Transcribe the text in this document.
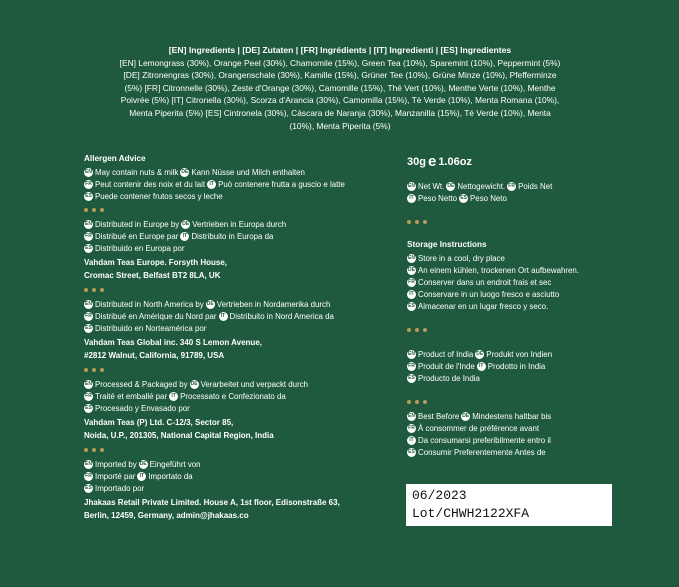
[EN] Ingredients | [DE] Zutaten | [FR] Ingrédients | [IT] Ingredienti | [ES] Ingredientes
[EN] Lemongrass (30%), Orange Peel (30%), Chamomile (15%), Green Tea (10%), Sparemint (10%), Peppermint (5%)
[DE] Zitronengras (30%), Orangenschale (30%), Kamille (15%), Grüner Tee (10%), Grüne Minze (10%), Pfefferminze
(5%) [FR] Citronnelle (30%), Zeste d'Orange (30%), Camomille (15%), Thé Vert (10%), Menthe Verte (10%), Menthe
Poivrée (5%) [IT] Citronella (30%), Scorza d'Arancia (30%), Camomilla (15%), Tè Verde (10%), Menta Romana (10%),
Menta Piperita (5%) [ES] Cintronela (30%), Cáscara de Naranja (30%), Manzanilla (15%), Té Verde (10%), Menta
(10%), Menta Piperita (5%)
Allergen Advice
EN May contain nuts & milk DE Kann Nüsse und Milch enthalten
FR Peut contenir des noix et du lait IT Può contenere frutta a guscio e latte
ES Puede contener frutos secos y leche
EN Distributed in Europe by DE Vertrieben in Europa durch
FR Distribué en Europe par IT Distribuito in Europa da
ES Distribuido en Europa por
Vahdam Teas Europe. Forsyth House,
Cromac Street, Belfast BT2 8LA, UK
EN Distributed in North America by DE Vertrieben in Nordamerika durch
FR Distribué en Amérique du Nord par IT Distribuito in Nord America da
ES Distribuido en Norteamérica por
Vahdam Teas Global inc. 340 S Lemon Avenue,
#2812 Walnut, California, 91789, USA
EN Processed & Packaged by DE Verarbeitet und verpackt durch
FR Traité et emballé par IT Processato e Confezionato da
ES Procesado y Envasado por
Vahdam Teas (P) Ltd. C-12/3, Sector 85,
Noida, U.P., 201305, National Capital Region, India
EN Imported by DE Eingeführt von
FR Importé par IT Importato da
ES Importado por
Jhakaas Retail Private Limited. House A, 1st floor, Edisonstraße 63,
Berlin, 12459, Germany, admin@jhakaas.co
30g e 1.06oz
EN Net Wt. DE Nettogewicht. FR Poids Net
IT Peso Netto ES Peso Neto
Storage Instructions
EN Store in a cool, dry place
DE An einem kühlen, trockenen Ort aufbewahren.
FR Conserver dans un endroit frais et sec
IT Conservare in un luogo fresco e asciutto
ES Almacenar en un lugar fresco y seco.
EN Product of India DE Produkt von Indien
FR Produit de l'Inde IT Prodotto in India
ES Producto de India
EN Best Before DE Mindestens haltbar bis
FR À consommer de préférence avant
IT Da consumarsi preferibilmente entro il
ES Consumir Preferentemente Antes de
06/2023
Lot/CHWH2122XFA
